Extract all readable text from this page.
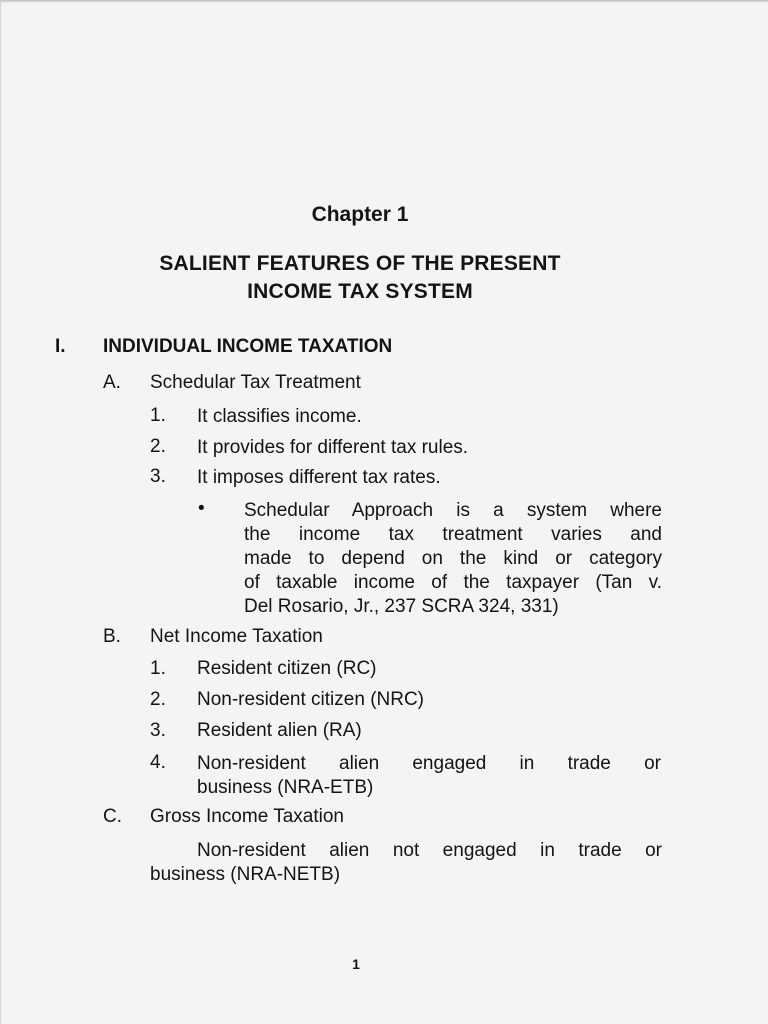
Chapter 1
SALIENT FEATURES OF THE PRESENT
INCOME TAX SYSTEM
I. INDIVIDUAL INCOME TAXATION
A. Schedular Tax Treatment
1. It classifies income.
2. It provides for different tax rules.
3. It imposes different tax rates.
• Schedular Approach is a system where
the income tax treatment varies and
made to depend on the kind or category
of taxable income of the taxpayer (Tan v.
Del Rosario, Jr., 237 SCRA 324, 331)
B. Net Income Taxation
1. Resident citizen (RC)
2. Non-resident citizen (NRC)
3. Resident alien (RA)
4. Non-resident alien engaged in trade or
business (NRA-ETB)
C. Gross Income Taxation
Non-resident alien not engaged in trade or
business (NRA-NETB)
1
